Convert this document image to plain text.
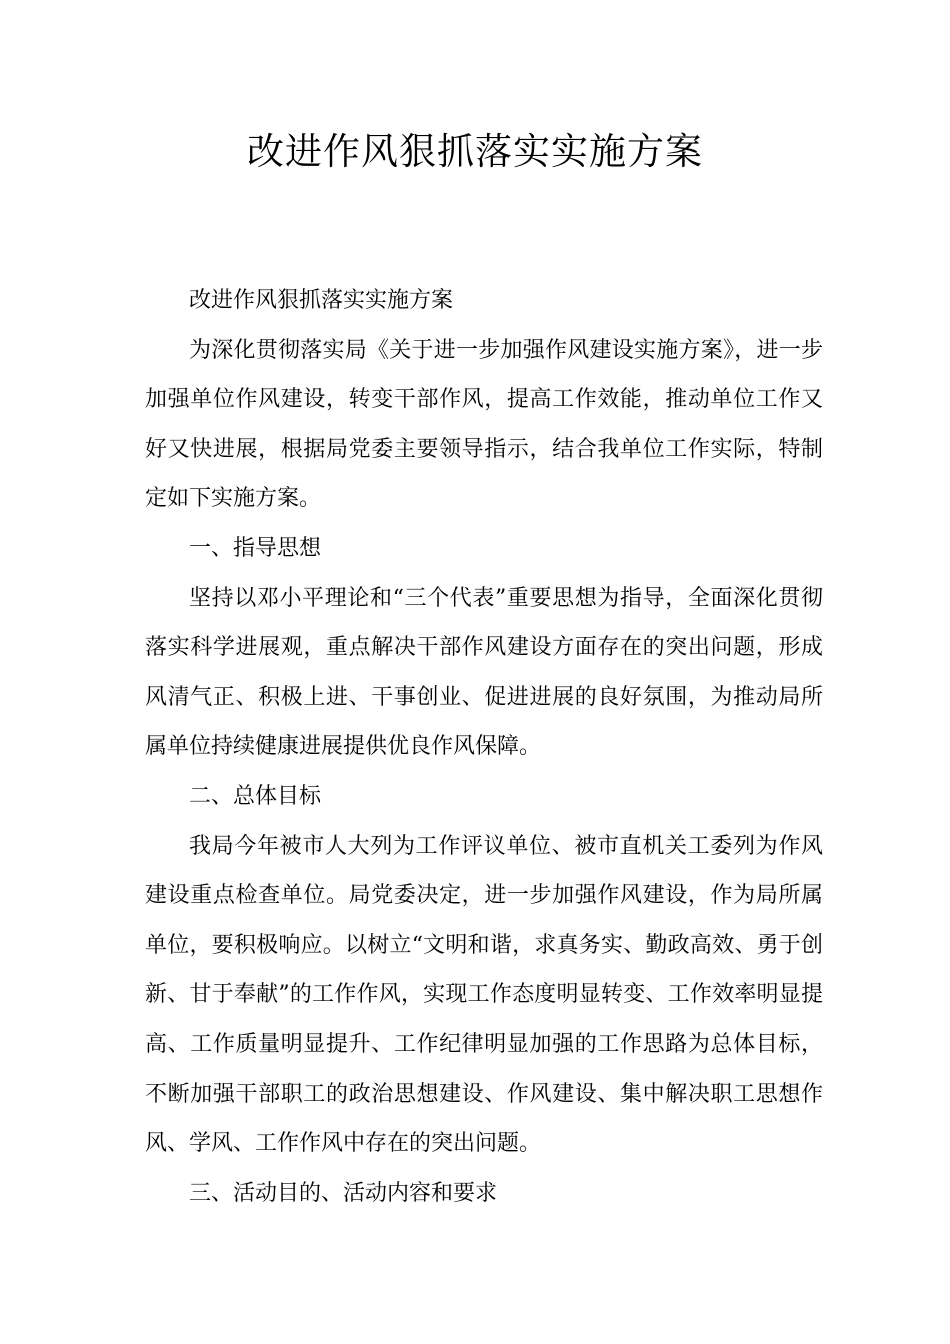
改进作风狠抓落实实施方案

改进作风狠抓落实实施方案

为深化贯彻落实局《关于进一步加强作风建设实施方案》，进一步加强单位作风建设，转变干部作风，提高工作效能，推动单位工作又好又快进展，根据局党委主要领导指示，结合我单位工作实际，特制定如下实施方案。

一、指导思想

坚持以邓小平理论和“三个代表”重要思想为指导，全面深化贯彻落实科学进展观，重点解决干部作风建设方面存在的突出问题，形成风清气正、积极上进、干事创业、促进进展的良好氛围，为推动局所属单位持续健康进展提供优良作风保障。

二、总体目标

我局今年被市人大列为工作评议单位、被市直机关工委列为作风建设重点检查单位。局党委决定，进一步加强作风建设，作为局所属单位，要积极响应。以树立“文明和谐，求真务实、勤政高效、勇于创新、甘于奉献”的工作作风，实现工作态度明显转变、工作效率明显提高、工作质量明显提升、工作纪律明显加强的工作思路为总体目标，不断加强干部职工的政治思想建设、作风建设、集中解决职工思想作风、学风、工作作风中存在的突出问题。

三、活动目的、活动内容和要求
